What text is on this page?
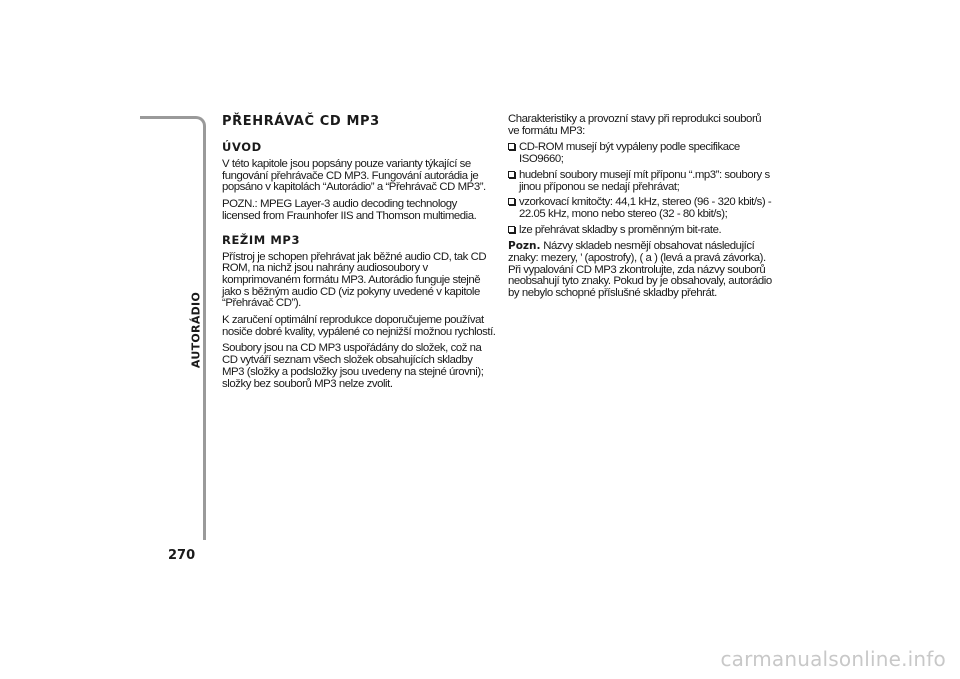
AUTORÁDIO
270
PŘEHRÁVAČ CD MP3
ÚVOD

V této kapitole jsou popsány pouze varianty týkající se fungování přehrávače CD MP3. Fungování autorádia je popsáno v kapitolách “Autorádio” a “Přehrávač CD MP3”.

POZN.: MPEG Layer-3 audio decoding technology licensed from Fraunhofer IIS and Thomson multimedia.

REŽIM MP3

Přístroj je schopen přehrávat jak běžné audio CD, tak CD ROM, na nichž jsou nahrány audiosoubory v komprimovaném formátu MP3. Autorádio funguje stejně jako s běžným audio CD (viz pokyny uvedené v kapitole “Přehrávač CD”).

K zaručení optimální reprodukce doporučujeme používat nosiče dobré kvality, vypálené co nejnižší možnou rychlostí.

Soubory jsou na CD MP3 uspořádány do složek, což na CD vytváří seznam všech složek obsahujících skladby MP3 (složky a podsložky jsou uvedeny na stejné úrovni); složky bez souborů MP3 nelze zvolit.

Charakteristiky a provozní stavy při reprodukci souborů ve formátu MP3:

CD-ROM musejí být vypáleny podle specifikace ISO9660;
hudební soubory musejí mít příponu “.mp3”: soubory s jinou příponou se nedají přehrávat;
vzorkovací kmitočty: 44,1 kHz, stereo (96 - 320 kbit/s) - 22.05 kHz, mono nebo stereo (32 - 80 kbit/s);
lze přehrávat skladby s proměnným bit-rate.

Pozn. Názvy skladeb nesmějí obsahovat následující znaky: mezery, ’ (apostrofy), ( a ) (levá a pravá závorka). Při vypalování CD MP3 zkontrolujte, zda názvy souborů neobsahují tyto znaky. Pokud by je obsahovaly, autorádio by nebylo schopné příslušné skladby přehrát.

carmanualsonline.info
